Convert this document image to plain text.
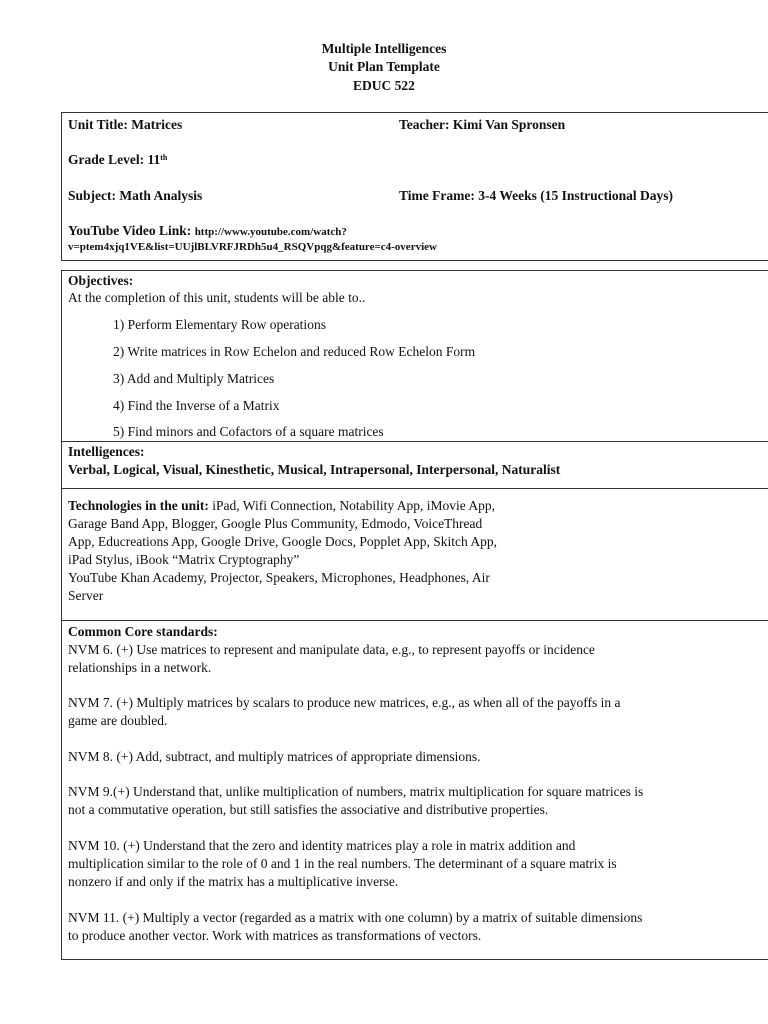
Multiple Intelligences
Unit Plan Template
EDUC 522
Unit Title: Matrices	Teacher: Kimi Van Spronsen
Grade Level: 11th
Subject: Math Analysis	Time Frame: 3-4 Weeks (15 Instructional Days)
YouTube Video Link: http://www.youtube.com/watch?
v=ptem4xjq1VE&list=UUjlBLVRFJRDh5u4_RSQVpqg&feature=c4-overview
Objectives:
At the completion of this unit, students will be able to..
1) Perform Elementary Row operations
2) Write matrices in Row Echelon and reduced Row Echelon Form
3) Add and Multiply Matrices
4) Find the Inverse of a Matrix
5) Find minors and Cofactors of a square matrices
Intelligences:
Verbal, Logical, Visual, Kinesthetic, Musical, Intrapersonal, Interpersonal, Naturalist
Technologies in the unit: iPad, Wifi Connection, Notability App, iMovie App,
Garage Band App, Blogger, Google Plus Community, Edmodo, VoiceThread
App, Educreations App, Google Drive, Google Docs, Popplet App, Skitch App,
iPad Stylus, iBook “Matrix Cryptography”
YouTube Khan Academy, Projector, Speakers, Microphones, Headphones, Air
Server
Common Core standards:
NVM 6. (+) Use matrices to represent and manipulate data, e.g., to represent payoffs or incidence
relationships in a network.
NVM 7. (+) Multiply matrices by scalars to produce new matrices, e.g., as when all of the payoffs in a
game are doubled.
NVM 8. (+) Add, subtract, and multiply matrices of appropriate dimensions.
NVM 9.(+) Understand that, unlike multiplication of numbers, matrix multiplication for square matrices is
not a commutative operation, but still satisfies the associative and distributive properties.
NVM 10. (+) Understand that the zero and identity matrices play a role in matrix addition and
multiplication similar to the role of 0 and 1 in the real numbers. The determinant of a square matrix is
nonzero if and only if the matrix has a multiplicative inverse.
NVM 11. (+) Multiply a vector (regarded as a matrix with one column) by a matrix of suitable dimensions
to produce another vector. Work with matrices as transformations of vectors.
